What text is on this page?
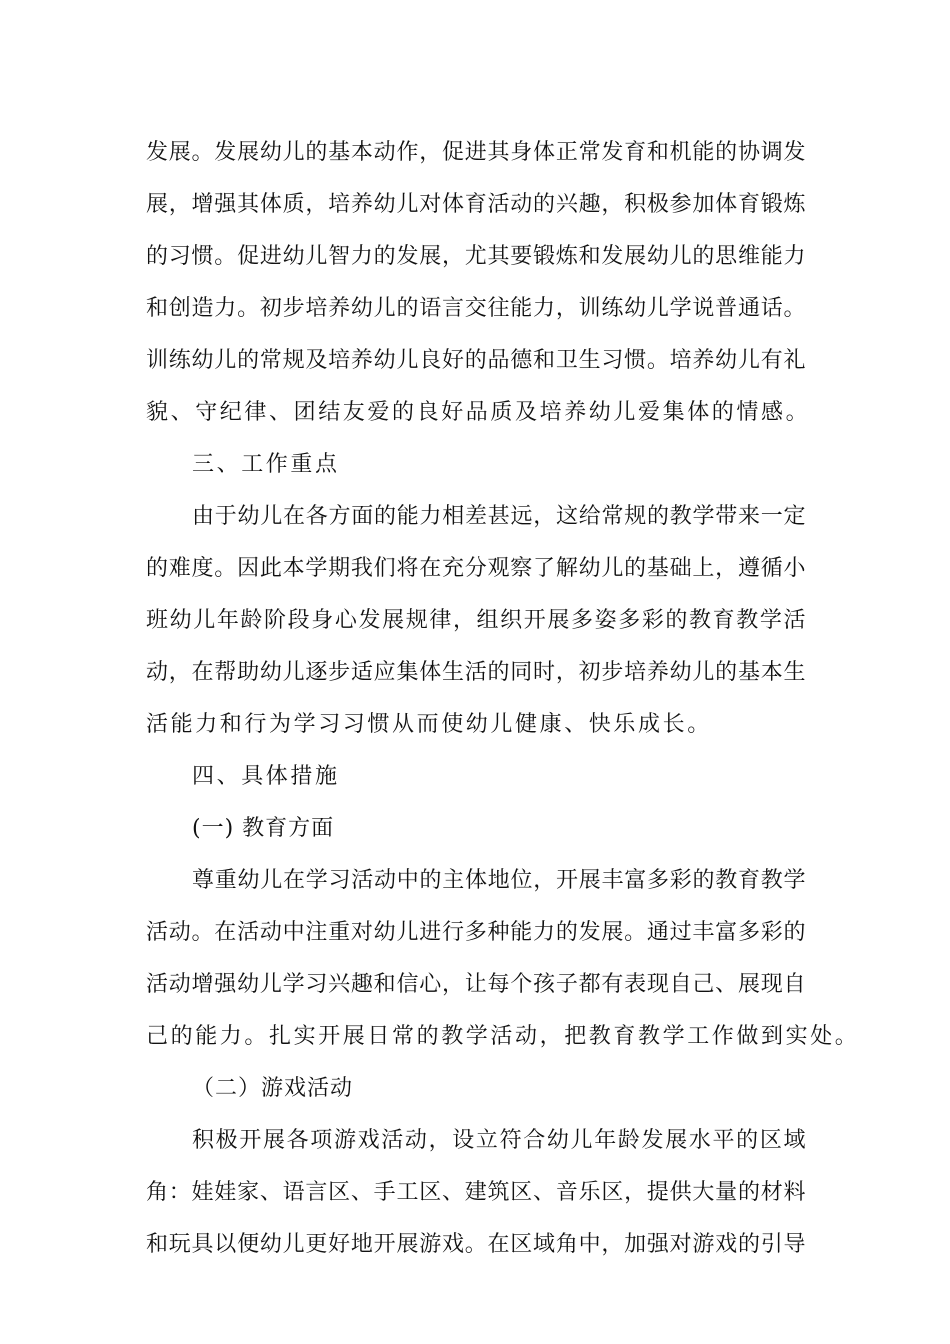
发展。发展幼儿的基本动作，促进其身体正常发育和机能的协调发
展，增强其体质，培养幼儿对体育活动的兴趣，积极参加体育锻炼
的习惯。促进幼儿智力的发展，尤其要锻炼和发展幼儿的思维能力
和创造力。初步培养幼儿的语言交往能力，训练幼儿学说普通话。
训练幼儿的常规及培养幼儿良好的品德和卫生习惯。培养幼儿有礼
貌、守纪律、团结友爱的良好品质及培养幼儿爱集体的情感。
三、工作重点
由于幼儿在各方面的能力相差甚远，这给常规的教学带来一定
的难度。因此本学期我们将在充分观察了解幼儿的基础上，遵循小
班幼儿年龄阶段身心发展规律，组织开展多姿多彩的教育教学活
动，在帮助幼儿逐步适应集体生活的同时，初步培养幼儿的基本生
活能力和行为学习习惯从而使幼儿健康、快乐成长。
四、具体措施
(一) 教育方面
尊重幼儿在学习活动中的主体地位，开展丰富多彩的教育教学
活动。在活动中注重对幼儿进行多种能力的发展。通过丰富多彩的
活动增强幼儿学习兴趣和信心，让每个孩子都有表现自己、展现自
己的能力。扎实开展日常的教学活动，把教育教学工作做到实处。
（二）游戏活动
积极开展各项游戏活动，设立符合幼儿年龄发展水平的区域
角：娃娃家、语言区、手工区、建筑区、音乐区，提供大量的材料
和玩具以便幼儿更好地开展游戏。在区域角中，加强对游戏的引导
